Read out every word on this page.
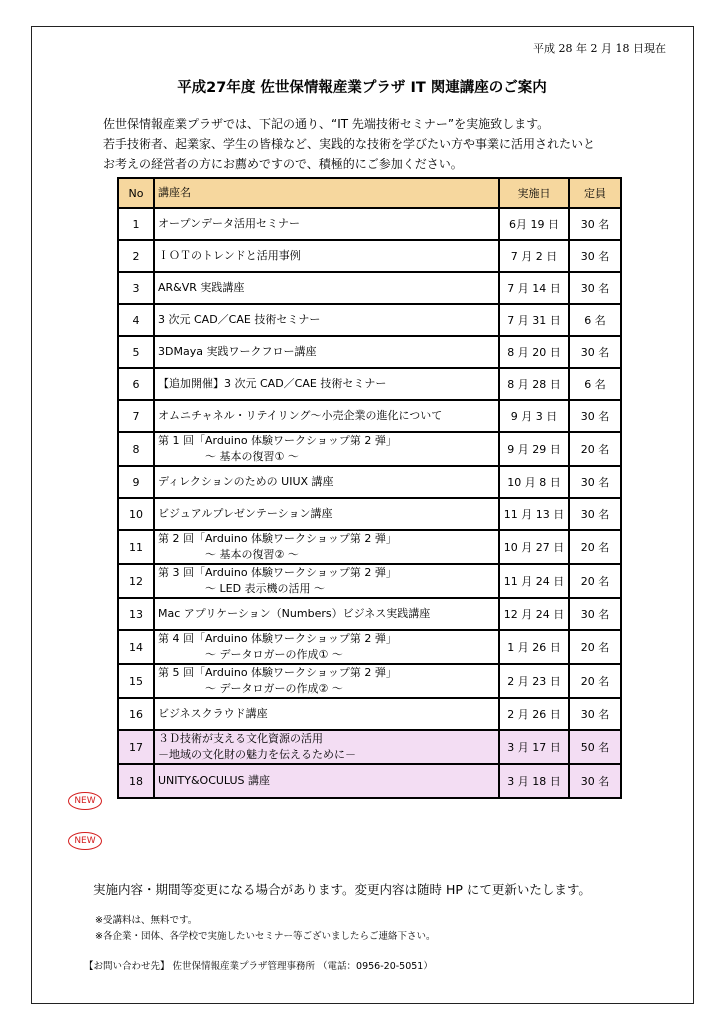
平成 28 年 2 月 18 日現在
平成27年度 佐世保情報産業プラザ IT 関連講座のご案内
佐世保情報産業プラザでは、下記の通り、“IT 先端技術セミナー”を実施致します。
若手技術者、起業家、学生の皆様など、実践的な技術を学びたい方や事業に活用されたいと
お考えの経営者の方にお薦めですので、積極的にご参加ください。
No	講座名	実施日	定員
1	オープンデータ活用セミナー	6月 19 日	30 名
2	ＩＯＴのトレンドと活用事例	7 月 2 日	30 名
3	AR&VR 実践講座	7 月 14 日	30 名
4	3 次元 CAD／CAE 技術セミナー	7 月 31 日	6 名
5	3DMaya 実践ワークフロー講座	8 月 20 日	30 名
6	【追加開催】3 次元 CAD／CAE 技術セミナー	8 月 28 日	6 名
7	オムニチャネル・リテイリング～小売企業の進化について	9 月 3 日	30 名
8	第 1 回「Arduino 体験ワークショップ第 2 弾」
～ 基本の復習① ～	9 月 29 日	20 名
9	ディレクションのための UIUX 講座	10 月 8 日	30 名
10	ビジュアルプレゼンテーション講座	11 月 13 日	30 名
11	第 2 回「Arduino 体験ワークショップ第 2 弾」
～ 基本の復習② ～	10 月 27 日	20 名
12	第 3 回「Arduino 体験ワークショップ第 2 弾」
～ LED 表示機の活用 ～	11 月 24 日	20 名
13	Mac アプリケーション（Numbers）ビジネス実践講座	12 月 24 日	30 名
14	第 4 回「Arduino 体験ワークショップ第 2 弾」
～ データロガーの作成① ～	1 月 26 日	20 名
15	第 5 回「Arduino 体験ワークショップ第 2 弾」
～ データロガーの作成② ～	2 月 23 日	20 名
16	ビジネスクラウド講座	2 月 26 日	30 名
17	３Ｄ技術が支える文化資源の活用
－地域の文化財の魅力を伝えるために－	3 月 17 日	50 名
18	UNITY&OCULUS 講座	3 月 18 日	30 名
NEW
NEW
実施内容・期間等変更になる場合があります。変更内容は随時 HP にて更新いたします。
※受講料は、無料です。
※各企業・団体、各学校で実施したいセミナー等ございましたらご連絡下さい。
【お問い合わせ先】 佐世保情報産業プラザ管理事務所 （電話：0956-20-5051）
